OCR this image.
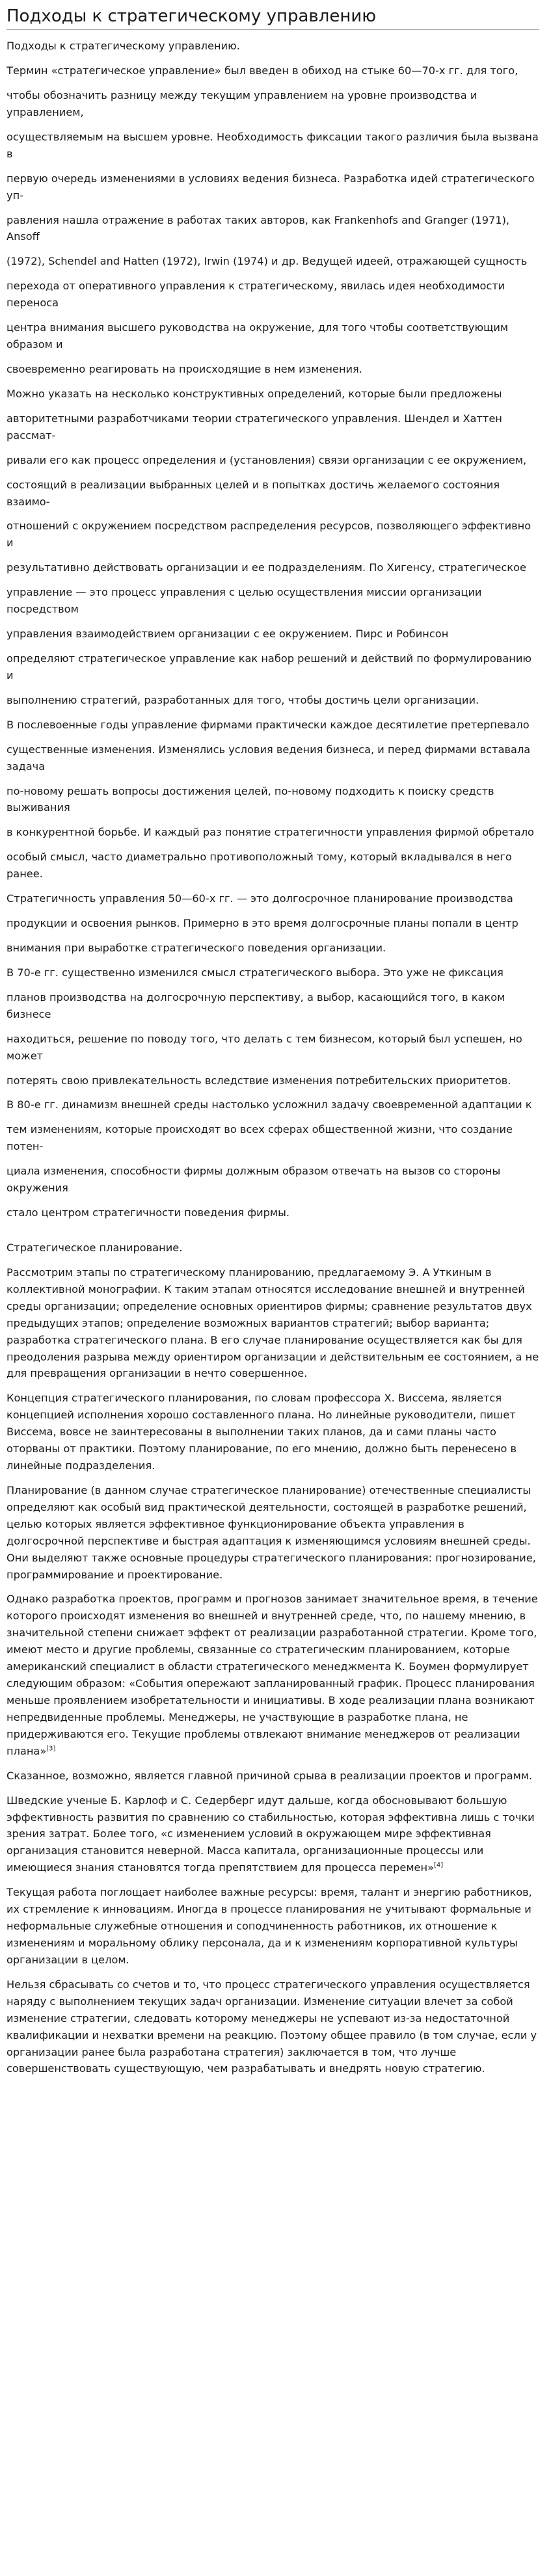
Подходы к стратегическому управлению

Подходы к стратегическому управлению.

Термин «стратегическое управление» был введен в обиход на стыке 60—70-х гг. для того,

чтобы обозначить разницу между текущим управлением на уровне производства и управлением,

осуществляемым на высшем уровне. Необходимость фиксации такого различия была вызвана в

первую очередь изменениями в условиях ведения бизнеса. Разработка идей стратегического уп-

равления нашла отражение в работах таких авторов, как Frankenhofs and Granger (1971), Ansoff

(1972), Schendel and Hatten (1972), Irwin (1974) и др. Ведущей идеей, отражающей сущность

перехода от оперативного управления к стратегическому, явилась идея необходимости переноса

центра внимания высшего руководства на окружение, для того чтобы соответствующим образом и

своевременно реагировать на происходящие в нем изменения.

Можно указать на несколько конструктивных определений, которые были предложены

авторитетными разработчиками теории стратегического управления. Шендел и Хаттен рассмат-

ривали его как процесс определения и (установления) связи организации с ее окружением,

состоящий в реализации выбранных целей и в попытках достичь желаемого состояния взаимо-

отношений с окружением посредством распределения ресурсов, позволяющего эффективно и

результативно действовать организации и ее подразделениям. По Хигенсу, стратегическое

управление — это процесс управления с целью осуществления миссии организации посредством

управления взаимодействием организации с ее окружением. Пирс и Робинсон

определяют стратегическое управление как набор решений и действий по формулированию и

выполнению стратегий, разработанных для того, чтобы достичь цели организации.

В послевоенные годы управление фирмами практически каждое десятилетие претерпевало

существенные изменения. Изменялись условия ведения бизнеса, и перед фирмами вставала задача

по-новому решать вопросы достижения целей, по-новому подходить к поиску средств выживания

в конкурентной борьбе. И каждый раз понятие стратегичности управления фирмой обретало

особый смысл, часто диаметрально противоположный тому, который вкладывался в него ранее.

Стратегичность управления 50—60-х гг. — это долгосрочное планирование производства

продукции и освоения рынков. Примерно в это время долгосрочные планы попали в центр

внимания при выработке стратегического поведения организации.

В 70-е гг. существенно изменился смысл стратегического выбора. Это уже не фиксация

планов производства на долгосрочную перспективу, а выбор, касающийся того, в каком бизнесе

находиться, решение по поводу того, что делать с тем бизнесом, который был успешен, но может

потерять свою привлекательность вследствие изменения потребительских приоритетов.

В 80-е гг. динамизм внешней среды настолько усложнил задачу своевременной адаптации к

тем изменениям, которые происходят во всех сферах общественной жизни, что создание потен-

циала изменения, способности фирмы должным образом отвечать на вызов со стороны окружения

стало центром стратегичности поведения фирмы.

Стратегическое планирование.

Рассмотрим этапы по стратегическому планированию, предлагаемому Э. А Уткиным в коллективной монографии. К таким этапам относятся исследование внешней и внутренней среды организации; определение основных ориентиров фирмы; сравнение результатов двух предыдущих этапов; определение возможных вариантов стратегий; выбор варианта; разработка стратегического плана. В его случае планирование осуществляется как бы для преодоления разрыва между ориентиром организации и действительным ее состоянием, а не для превращения организации в нечто совершенное.

Концепция стратегического планирования, по словам профессора Х. Виссема, является концепцией исполнения хорошо составленного плана. Но линейные руководители, пишет Виссема, вовсе не заинтересованы в выполнении таких планов, да и сами планы часто оторваны от практики. Поэтому планирование, по его мнению, должно быть перенесено в линейные подразделения.

Планирование (в данном случае стратегическое планирование) отечественные специалисты определяют как особый вид практической деятельности, состоящей в разработке решений, целью которых является эффективное функционирование объекта управления в долгосрочной перспективе и быстрая адаптация к изменяющимся условиям внешней среды. Они выделяют также основные процедуры стратегического планирования: прогнозирование, программирование и проектирование.

Однако разработка проектов, программ и прогнозов занимает значительное время, в течение которого происходят изменения во внешней и внутренней среде, что, по нашему мнению, в значительной степени снижает эффект от реализации разработанной стратегии. Кроме того, имеют место и другие проблемы, связанные со стратегическим планированием, которые американский специалист в области стратегического менеджмента К. Боумен формулирует следующим образом: «События опережают запланированный график. Процесс планирования меньше проявлением изобретательности и инициативы. В ходе реализации плана возникают непредвиденные проблемы. Менеджеры, не участвующие в разработке плана, не придерживаются его. Текущие проблемы отвлекают внимание менеджеров от реализации плана»[3]

Сказанное, возможно, является главной причиной срыва в реализации проектов и программ.

Шведские ученые Б. Карлоф и С. Седерберг идут дальше, когда обосновывают большую эффективность развития по сравнению со стабильностью, которая эффективна лишь с точки зрения затрат. Более того, «с изменением условий в окружающем мире эффективная организация становится неверной. Масса капитала, организационные процессы или имеющиеся знания становятся тогда препятствием для процесса перемен»[4]

Текущая работа поглощает наиболее важные ресурсы: время, талант и энергию работников, их стремление к инновациям. Иногда в процессе планирования не учитывают формальные и неформальные служебные отношения и соподчиненность работников, их отношение к изменениям и моральному облику персонала, да и к изменениям корпоративной культуры организации в целом.

Нельзя сбрасывать со счетов и то, что процесс стратегического управления осуществляется наряду с выполнением текущих задач организации. Изменение ситуации влечет за собой изменение стратегии, следовать которому менеджеры не успевают из-за недостаточной квалификации и нехватки времени на реакцию. Поэтому общее правило (в том случае, если у организации ранее была разработана стратегия) заключается в том, что лучше совершенствовать существующую, чем разрабатывать и внедрять новую стратегию.
